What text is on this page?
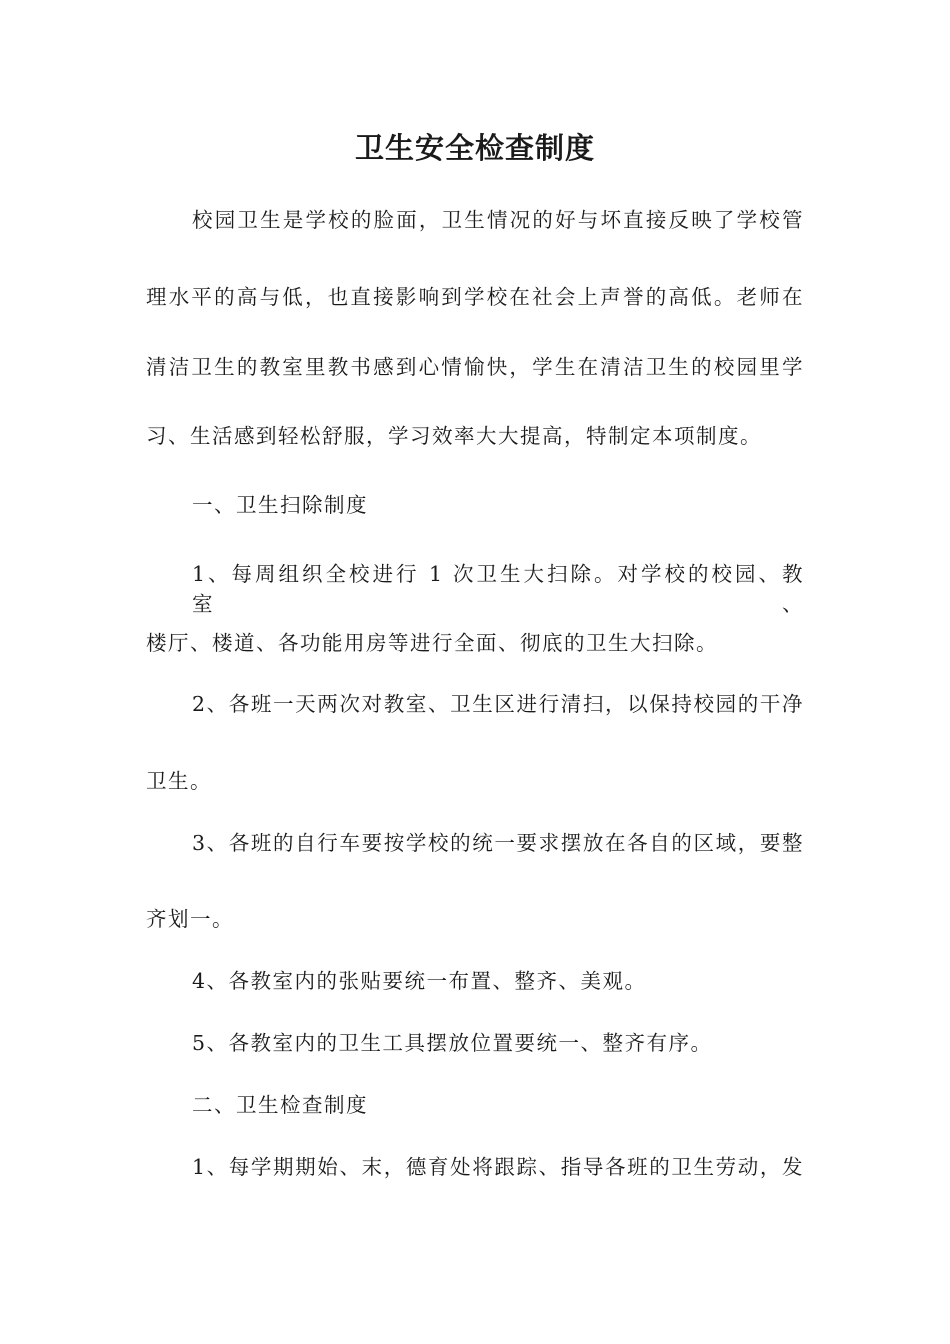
卫生安全检查制度
校园卫生是学校的脸面，卫生情况的好与坏直接反映了学校管
理水平的高与低，也直接影响到学校在社会上声誉的高低。老师在
清洁卫生的教室里教书感到心情愉快，学生在清洁卫生的校园里学
习、生活感到轻松舒服，学习效率大大提高，特制定本项制度。
一、卫生扫除制度
1、每周组织全校进行 1 次卫生大扫除。对学校的校园、教室、
楼厅、楼道、各功能用房等进行全面、彻底的卫生大扫除。
2、各班一天两次对教室、卫生区进行清扫，以保持校园的干净
卫生。
3、各班的自行车要按学校的统一要求摆放在各自的区域，要整
齐划一。
4、各教室内的张贴要统一布置、整齐、美观。
5、各教室内的卫生工具摆放位置要统一、整齐有序。
二、卫生检查制度
1、每学期期始、末，德育处将跟踪、指导各班的卫生劳动，发
